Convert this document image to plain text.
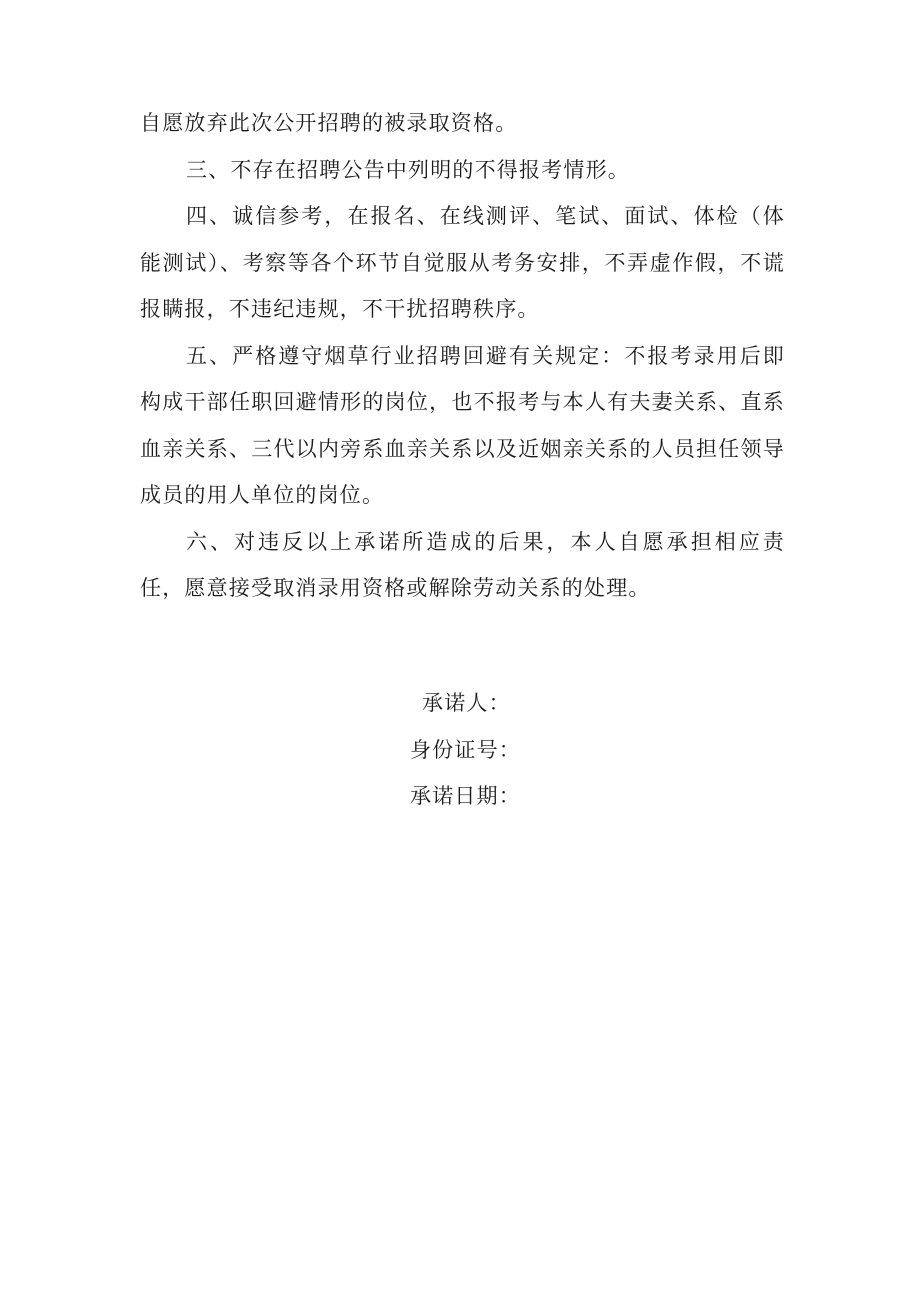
自愿放弃此次公开招聘的被录取资格。

三、不存在招聘公告中列明的不得报考情形。

四、诚信参考，在报名、在线测评、笔试、面试、体检（体能测试）、考察等各个环节自觉服从考务安排，不弄虚作假，不谎报瞒报，不违纪违规，不干扰招聘秩序。

五、严格遵守烟草行业招聘回避有关规定：不报考录用后即构成干部任职回避情形的岗位，也不报考与本人有夫妻关系、直系血亲关系、三代以内旁系血亲关系以及近姻亲关系的人员担任领导成员的用人单位的岗位。

六、对违反以上承诺所造成的后果，本人自愿承担相应责任，愿意接受取消录用资格或解除劳动关系的处理。

承诺人：

身份证号：

承诺日期：
